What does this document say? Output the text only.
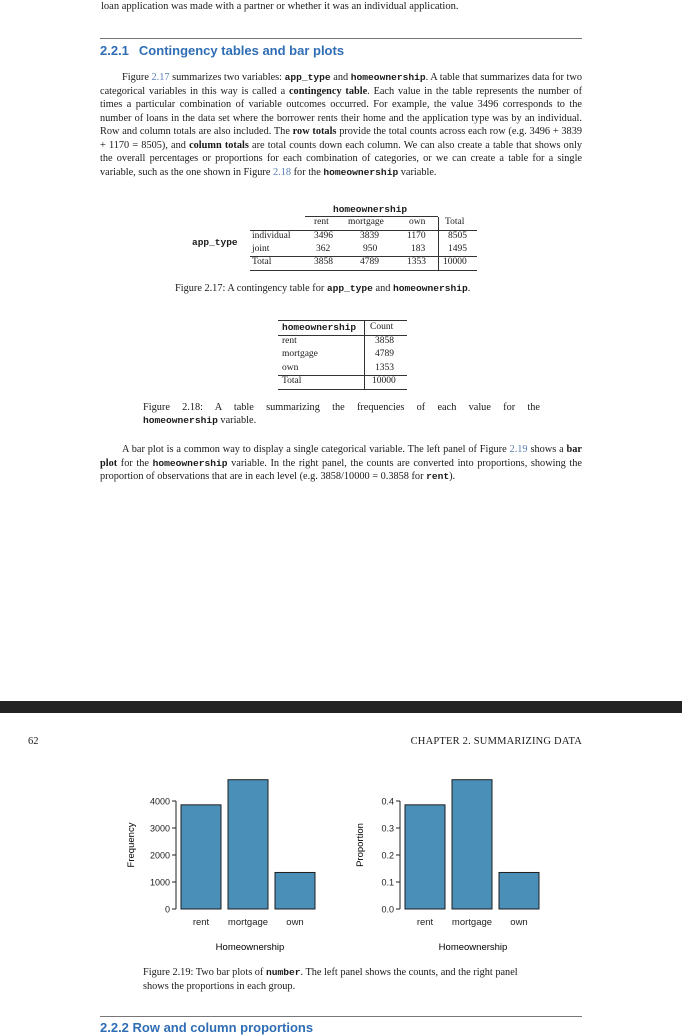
loan application was made with a partner or whether it was an individual application.
2.2.1 Contingency tables and bar plots
Figure 2.17 summarizes two variables: app_type and homeownership. A table that summarizes data for two categorical variables in this way is called a contingency table. Each value in the table represents the number of times a particular combination of variable outcomes occurred. For example, the value 3496 corresponds to the number of loans in the data set where the borrower rents their home and the application type was by an individual. Row and column totals are also included. The row totals provide the total counts across each row (e.g. 3496 + 3839 + 1170 = 8505), and column totals are total counts down each column. We can also create a table that shows only the overall percentages or proportions for each combination of categories, or we can create a table for a single variable, such as the one shown in Figure 2.18 for the homeownership variable.
homeownership
app_type
rent mortgage	own Total
individual 3496	3839	1170 8505
joint	362	950	183 1495
Total	3858	4789	1353 10000
Figure 2.17: A contingency table for app_type and homeownership.
homeownership Count
rent	3858
mortgage	4789
own	1353
Total	10000
Figure 2.18: A table summarizing the frequencies of each value for the
homeownership variable.
A bar plot is a common way to display a single categorical variable. The left panel of Figure 2.19 shows a bar plot for the homeownership variable. In the right panel, the counts are converted into proportions, showing the proportion of observations that are in each level (e.g. 3858/10000 = 0.3858 for rent).
62	CHAPTER 2. SUMMARIZING DATA
Frequency
Homeownership
0
1000
2000
3000
4000
rent mortgage own
Proportion
Homeownership
0.0
0.1
0.2
0.3
0.4
rent mortgage own
Figure 2.19: Two bar plots of number. The left panel shows the counts, and the right panel shows the proportions in each group.
2.2.2 Row and column proportions
